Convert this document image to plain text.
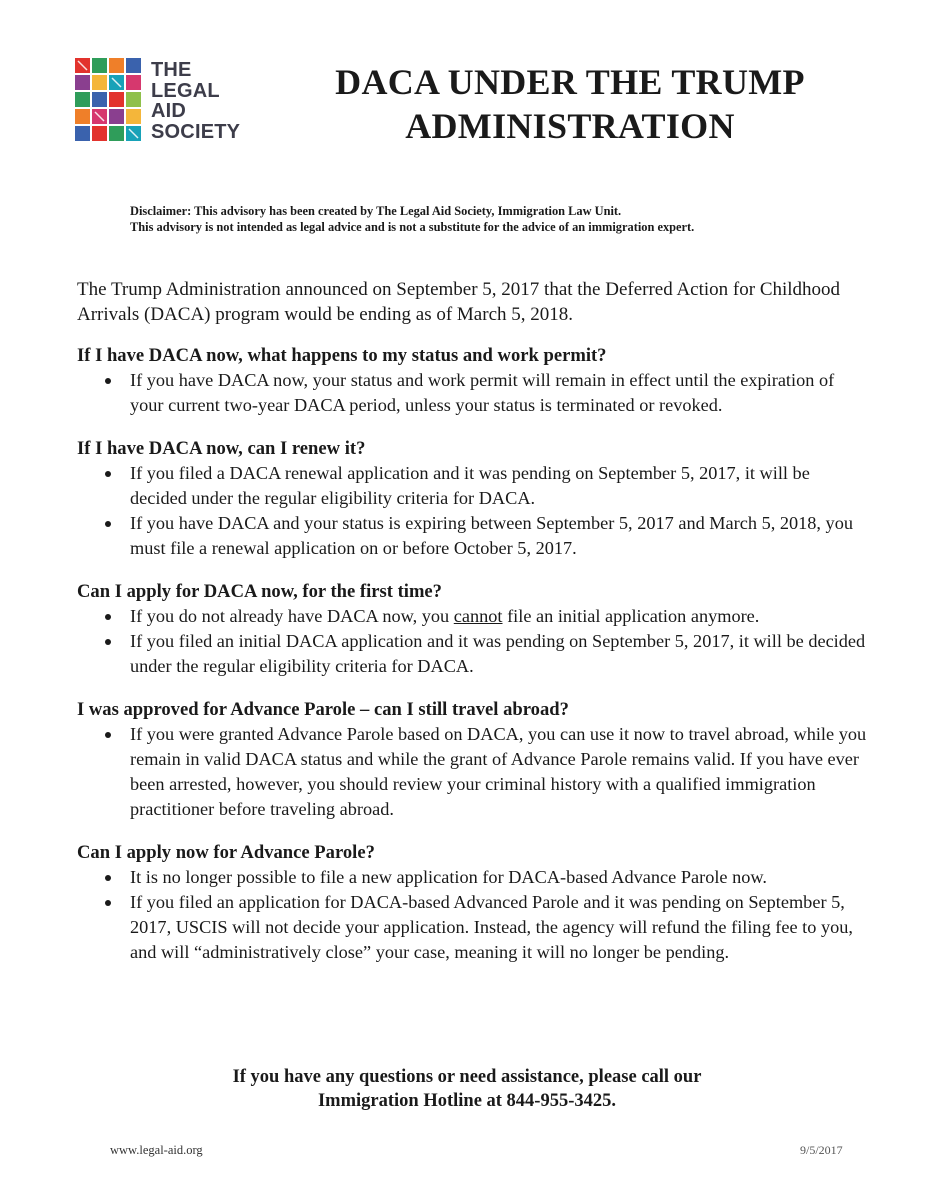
THE
LEGAL
AID
SOCIETY
DACA UNDER THE TRUMP
ADMINISTRATION
Disclaimer: This advisory has been created by The Legal Aid Society, Immigration Law Unit.
This advisory is not intended as legal advice and is not a substitute for the advice of an immigration expert.

The Trump Administration announced on September 5, 2017 that the Deferred Action for Childhood Arrivals (DACA) program would be ending as of March 5, 2018.

If I have DACA now, what happens to my status and work permit?

If you have DACA now, your status and work permit will remain in effect until the expiration of your current two-year DACA period, unless your status is terminated or revoked.

If I have DACA now, can I renew it?

If you filed a DACA renewal application and it was pending on September 5, 2017, it will be decided under the regular eligibility criteria for DACA.
If you have DACA and your status is expiring between September 5, 2017 and March 5, 2018, you must file a renewal application on or before October 5, 2017.

Can I apply for DACA now, for the first time?

If you do not already have DACA now, you cannot file an initial application anymore.
If you filed an initial DACA application and it was pending on September 5, 2017, it will be decided under the regular eligibility criteria for DACA.

I was approved for Advance Parole – can I still travel abroad?

If you were granted Advance Parole based on DACA, you can use it now to travel abroad, while you remain in valid DACA status and while the grant of Advance Parole remains valid. If you have ever been arrested, however, you should review your criminal history with a qualified immigration practitioner before traveling abroad.

Can I apply now for Advance Parole?

It is no longer possible to file a new application for DACA-based Advance Parole now.
If you filed an application for DACA-based Advanced Parole and it was pending on September 5, 2017, USCIS will not decide your application. Instead, the agency will refund the filing fee to you, and will “administratively close” your case, meaning it will no longer be pending.
If you have any questions or need assistance, please call our
Immigration Hotline at 844-955-3425.
www.legal-aid.org	9/5/2017
